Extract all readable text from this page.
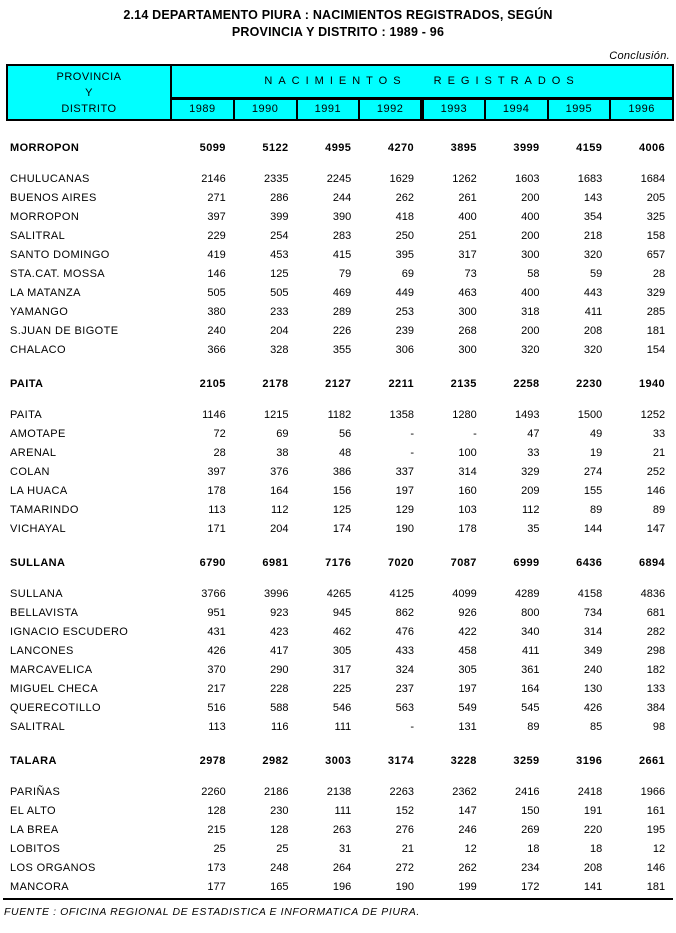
2.14 DEPARTAMENTO PIURA : NACIMIENTOS REGISTRADOS, SEGÚN
PROVINCIA Y DISTRITO : 1989 - 96
Conclusión.
PROVINCIA
Y
DISTRITO	NACIMIENTOS REGISTRADOS							
	1989	1990	1991	1992	1993	1994	1995	1996

MORROPON	5099	5122	4995	4270	3895	3999	4159	4006

CHULUCANAS	2146	2335	2245	1629	1262	1603	1683	1684
BUENOS AIRES	271	286	244	262	261	200	143	205
MORROPON	397	399	390	418	400	400	354	325
SALITRAL	229	254	283	250	251	200	218	158
SANTO DOMINGO	419	453	415	395	317	300	320	657
STA.CAT. MOSSA	146	125	79	69	73	58	59	28
LA MATANZA	505	505	469	449	463	400	443	329
YAMANGO	380	233	289	253	300	318	411	285
S.JUAN DE BIGOTE	240	204	226	239	268	200	208	181
CHALACO	366	328	355	306	300	320	320	154

PAITA	2105	2178	2127	2211	2135	2258	2230	1940

PAITA	1146	1215	1182	1358	1280	1493	1500	1252
AMOTAPE	72	69	56	-	-	47	49	33
ARENAL	28	38	48	-	100	33	19	21
COLAN	397	376	386	337	314	329	274	252
LA HUACA	178	164	156	197	160	209	155	146
TAMARINDO	113	112	125	129	103	112	89	89
VICHAYAL	171	204	174	190	178	35	144	147

SULLANA	6790	6981	7176	7020	7087	6999	6436	6894

SULLANA	3766	3996	4265	4125	4099	4289	4158	4836
BELLAVISTA	951	923	945	862	926	800	734	681
IGNACIO ESCUDERO	431	423	462	476	422	340	314	282
LANCONES	426	417	305	433	458	411	349	298
MARCAVELICA	370	290	317	324	305	361	240	182
MIGUEL CHECA	217	228	225	237	197	164	130	133
QUERECOTILLO	516	588	546	563	549	545	426	384
SALITRAL	113	116	111	-	131	89	85	98

TALARA	2978	2982	3003	3174	3228	3259	3196	2661

PARIÑAS	2260	2186	2138	2263	2362	2416	2418	1966
EL ALTO	128	230	111	152	147	150	191	161
LA BREA	215	128	263	276	246	269	220	195
LOBITOS	25	25	31	21	12	18	18	12
LOS ORGANOS	173	248	264	272	262	234	208	146
MANCORA	177	165	196	190	199	172	141	181
FUENTE : OFICINA REGIONAL DE ESTADISTICA E INFORMATICA DE PIURA.
